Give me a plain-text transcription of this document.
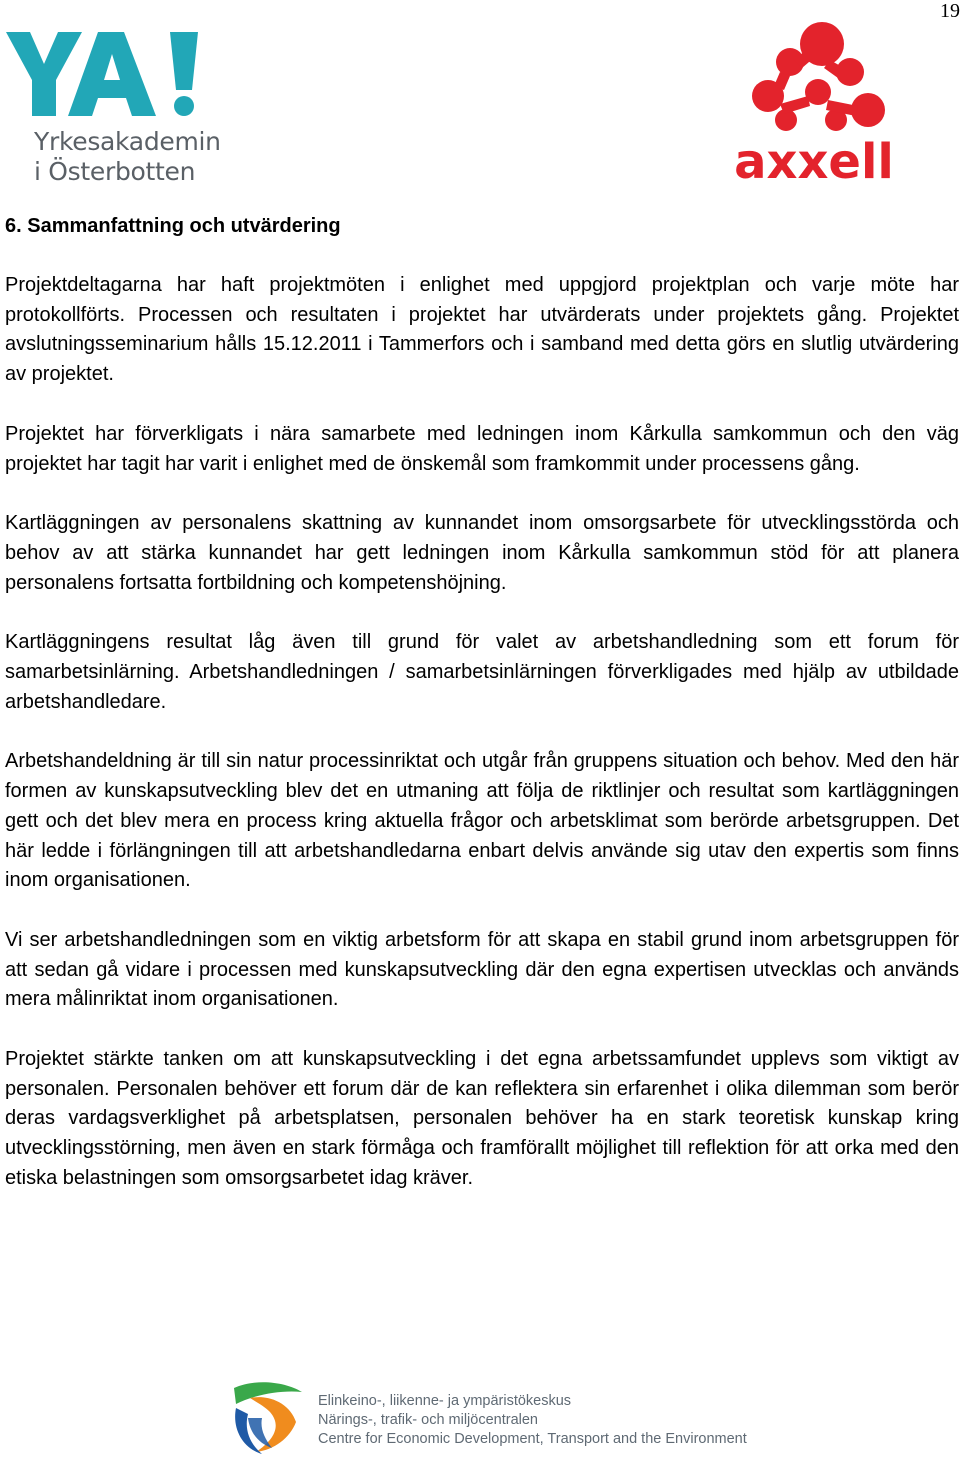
19
Yrkesakademin
i Österbotten	axxell
6. Sammanfattning och utvärdering

Projektdeltagarna har haft projektmöten i enlighet med uppgjord projektplan och varje möte har protokollförts. Processen och resultaten i projektet har utvärderats under projektets gång. Projektet avslutningsseminarium hålls 15.12.2011 i Tammerfors och i samband med detta görs en slutlig utvärdering av projektet.

Projektet har förverkligats i nära samarbete med ledningen inom Kårkulla samkommun och den väg projektet har tagit har varit i enlighet med de önskemål som framkommit under processens gång.

Kartläggningen av personalens skattning av kunnandet inom omsorgsarbete för utvecklingsstörda och behov av att stärka kunnandet har gett ledningen inom Kårkulla samkommun stöd för att planera personalens fortsatta fortbildning och kompetenshöjning.

Kartläggningens resultat låg även till grund för valet av arbetshandledning som ett forum för samarbetsinlärning. Arbetshandledningen / samarbetsinlärningen förverkligades med hjälp av utbildade arbetshandledare.

Arbetshandeldning är till sin natur processinriktat och utgår från gruppens situation och behov. Med den här formen av kunskapsutveckling blev det en utmaning att följa de riktlinjer och resultat som kartläggningen gett och det blev mera en process kring aktuella frågor och arbetsklimat som berörde arbetsgruppen. Det här ledde i förlängningen till att arbetshandledarna enbart delvis använde sig utav den expertis som finns inom organisationen.

Vi ser arbetshandledningen som en viktig arbetsform för att skapa en stabil grund inom arbetsgruppen för att sedan gå vidare i processen med kunskapsutveckling där den egna expertisen utvecklas och används mera målinriktat inom organisationen.

Projektet stärkte tanken om att kunskapsutveckling i det egna arbetssamfundet upplevs som viktigt av personalen. Personalen behöver ett forum där de kan reflektera sin erfarenhet i olika dilemman som berör deras vardagsverklighet på arbetsplatsen, personalen behöver ha en stark teoretisk kunskap kring utvecklingsstörning, men även en stark förmåga och framförallt möjlighet till reflektion för att orka med den etiska belastningen som omsorgsarbetet idag kräver.

Elinkeino-, liikenne- ja ympäristökeskus
Närings-, trafik- och miljöcentralen
Centre for Economic Development, Transport and the Environment
